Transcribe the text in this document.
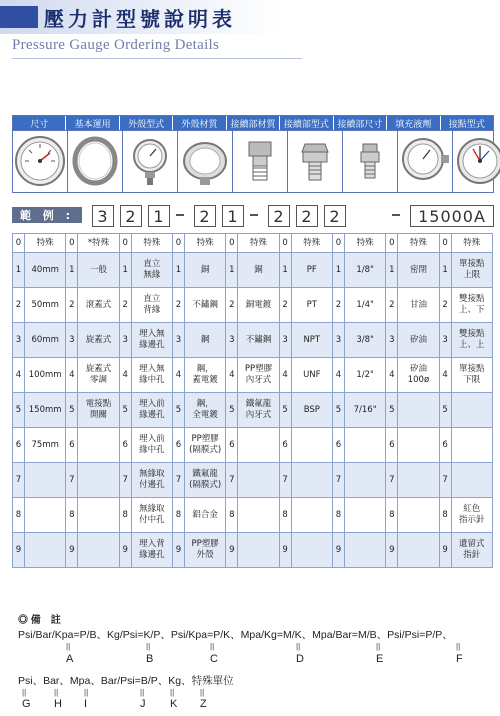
壓力計型號說明表
Pressure Gauge Ordering Details
尺寸	基本運用	外殼型式	外殼材質	接續部材質 接續部型式 接續部尺寸	填充液劑	接點型式
範 例 :	3	2	1	2	1	2	2	2	15000A
0	特殊	0	*特殊	0	特殊	0	特殊	0	特殊	0	特殊	0	特殊	0	特殊	0	特殊
1	40mm	1	一般	1	直立
無緣	1	銅	1	銅	1	PF	1	1/8"	1	密閉	1	單接點
上限
2	50mm	2	滾蓋式	2	直立
背緣	2	不鏽鋼	2	銅電鍍	2	PT	2	1/4"	2	甘油	2	雙接點
上、下
3	60mm	3	旋蓋式	3	埋入無
緣邊孔	3	鋼	3	不鏽鋼	3	NPT	3	3/8"	3	矽油	3	雙接點
上、上
4	100mm	4	旋蓋式
零調	4	埋入無
緣中孔	4	鋼，
蓋電鍍	4	PP塑膠
內牙式	4	UNF	4	1/2"	4	矽油
100ø	4	單接點
下限
5	150mm	5	電接點
開關	5	埋入前
緣邊孔	5	鋼，
全電鍍	5	鐵氟龍
內牙式	5	BSP	5	7/16"	5		5	
6	75mm	6		6	埋入前
緣中孔	6	PP塑膠
(隔膜式)	6		6		6		6		6	
7		7		7	無緣取
付邊孔	7	鐵氟龍
(隔膜式)	7		7		7		7		7	
8		8		8	無緣取
付中孔	8	鋁合金	8		8		8		8		8	紅色
指示針
9		9		9	埋入背
緣邊孔	9	PP塑膠
外殼	9		9		9		9		9	遺留式
指針
◎ 備　註
Psi/Bar/Kpa=P/B、Kg/Psi=K/P、Psi/Kpa=P/K、Mpa/Kg=M/K、Mpa/Bar=M/B、Psi/Psi=P/P、
||
A
||
B
||
C
||
D
||
E
||
F
Psi、Bar、Mpa、Bar/Psi=B/P、Kg、特殊單位
||
G
||
H
||
I
||
J
||
K
||
Z
